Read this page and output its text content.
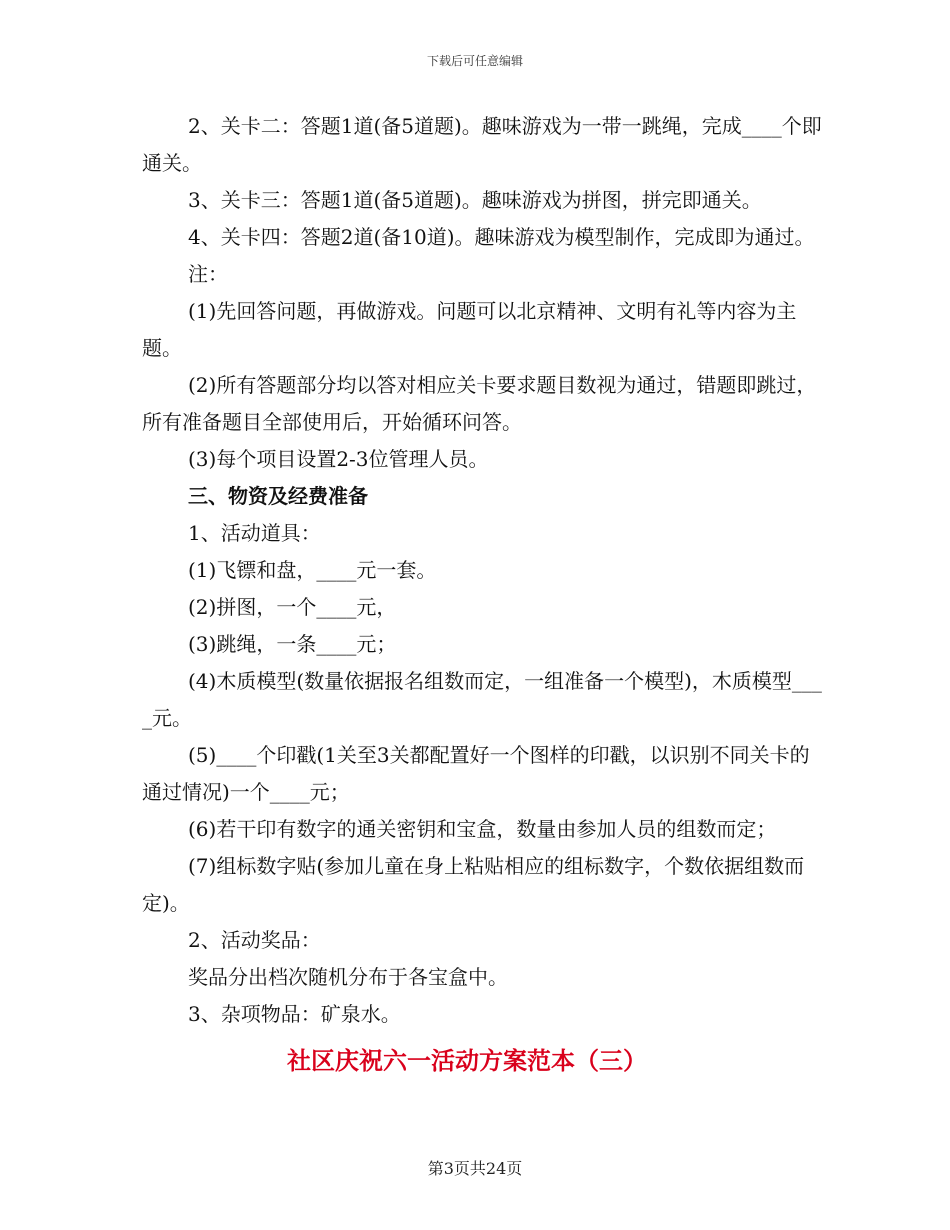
下载后可任意编辑

2、关卡二：答题1道(备5道题)。趣味游戏为一带一跳绳，完成____个即通关。

3、关卡三：答题1道(备5道题)。趣味游戏为拼图，拼完即通关。

4、关卡四：答题2道(备10道)。趣味游戏为模型制作，完成即为通过。

注：

(1)先回答问题，再做游戏。问题可以北京精神、文明有礼等内容为主题。

(2)所有答题部分均以答对相应关卡要求题目数视为通过，错题即跳过，所有准备题目全部使用后，开始循环问答。

(3)每个项目设置2-3位管理人员。

三、物资及经费准备

1、活动道具：

(1)飞镖和盘，____元一套。

(2)拼图，一个____元，

(3)跳绳，一条____元；

(4)木质模型(数量依据报名组数而定，一组准备一个模型)，木质模型____元。

(5)____个印戳(1关至3关都配置好一个图样的印戳，以识别不同关卡的通过情况)一个____元；

(6)若干印有数字的通关密钥和宝盒，数量由参加人员的组数而定；

(7)组标数字贴(参加儿童在身上粘贴相应的组标数字，个数依据组数而定)。

2、活动奖品：

奖品分出档次随机分布于各宝盒中。

3、杂项物品：矿泉水。

社区庆祝六一活动方案范本（三）
第3页共24页
